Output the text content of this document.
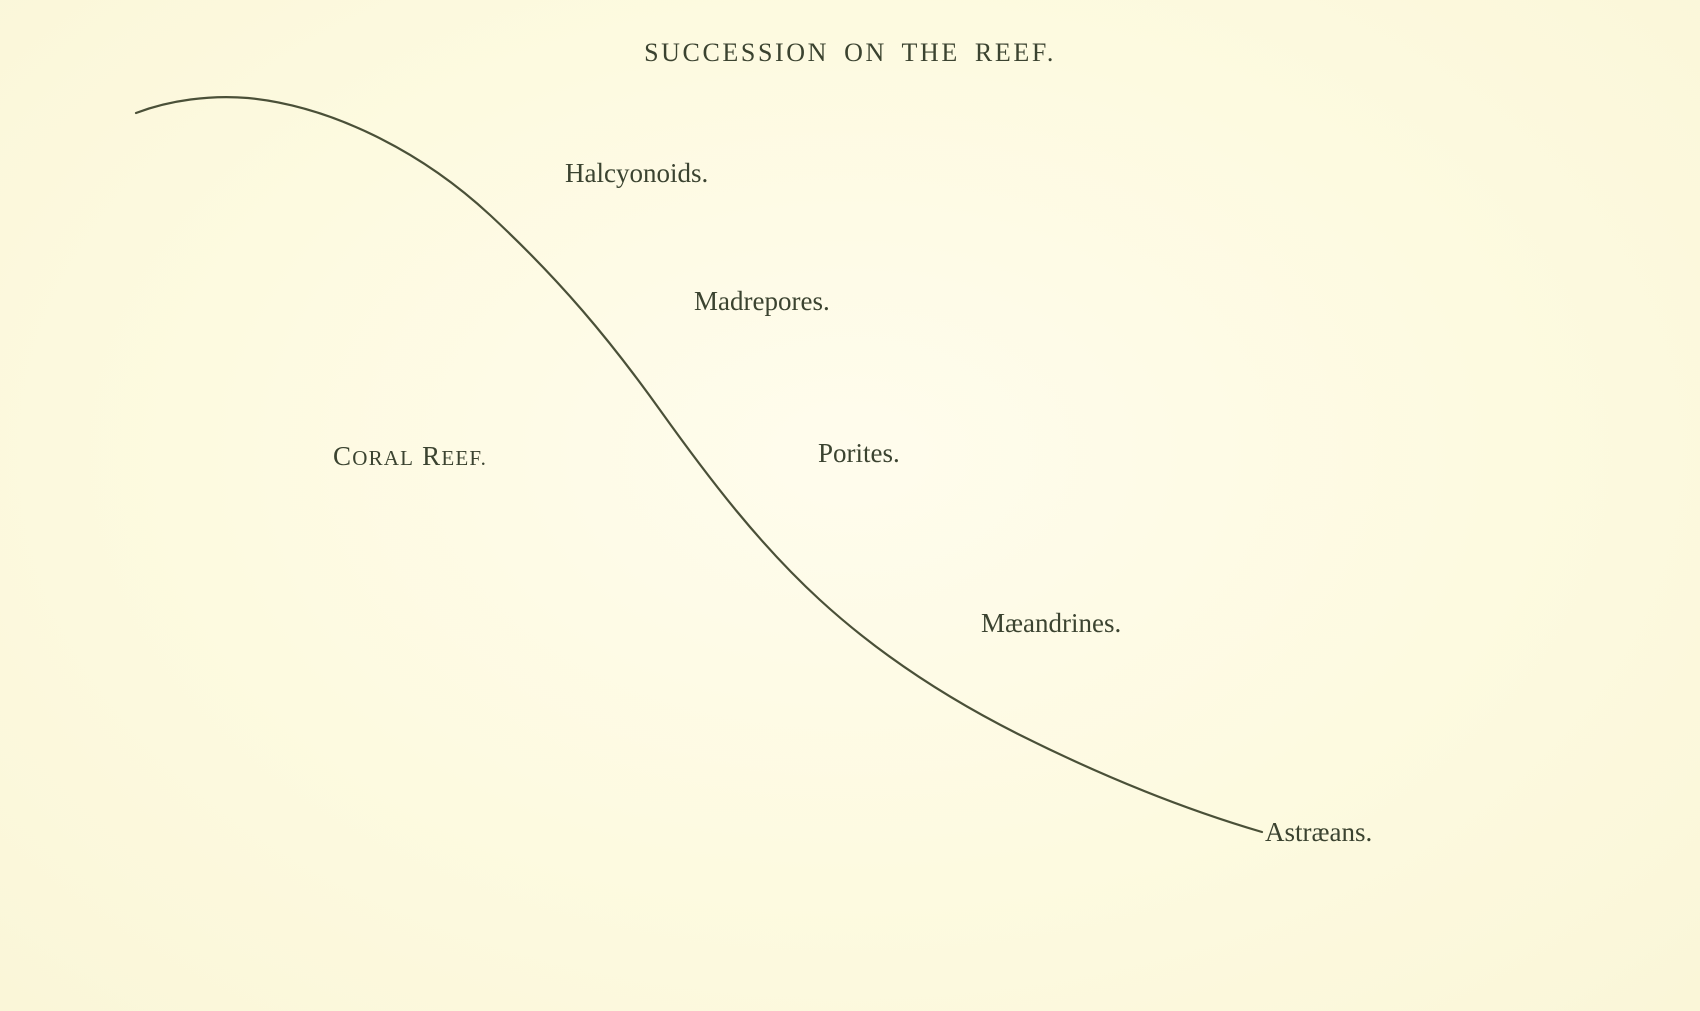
SUCCESSION ON THE REEF.
Halcyonoids.
Madrepores.
Porites.
Mæandrines.
Astræans.
CORAL REEF.
